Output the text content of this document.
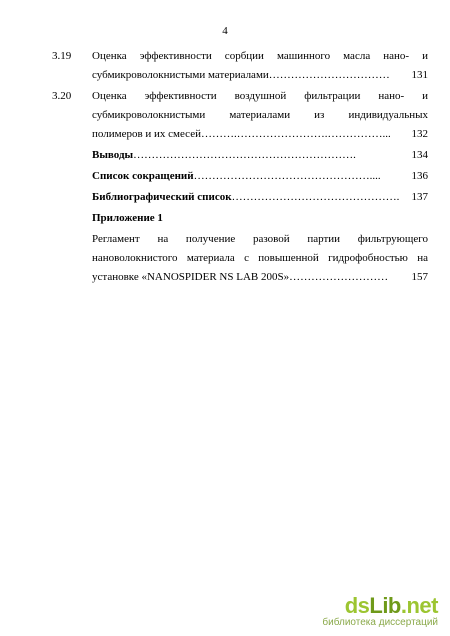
4
3.19	Оценка эффективности сорбции машинного масла нано- и
субмикроволокнистыми материалами ……………………………	131
3.20	Оценка эффективности воздушной фильтрации нано- и
субмикроволокнистыми материалами из индивидуальных
полимеров и их смесей ……….…………………….……………...	132
Выводы …………………………………………………….	134
Список сокращений …………………………………………....	136
Библиографический список ……………………………………….	137
Приложение 1
Регламент на получение разовой партии фильтрующего
нановолокнистого материала с повышенной гидрофобностью на
установке «NANOSPIDER NS LAB 200S» ………………………	157
dsLib.net
библиотека диссертаций
